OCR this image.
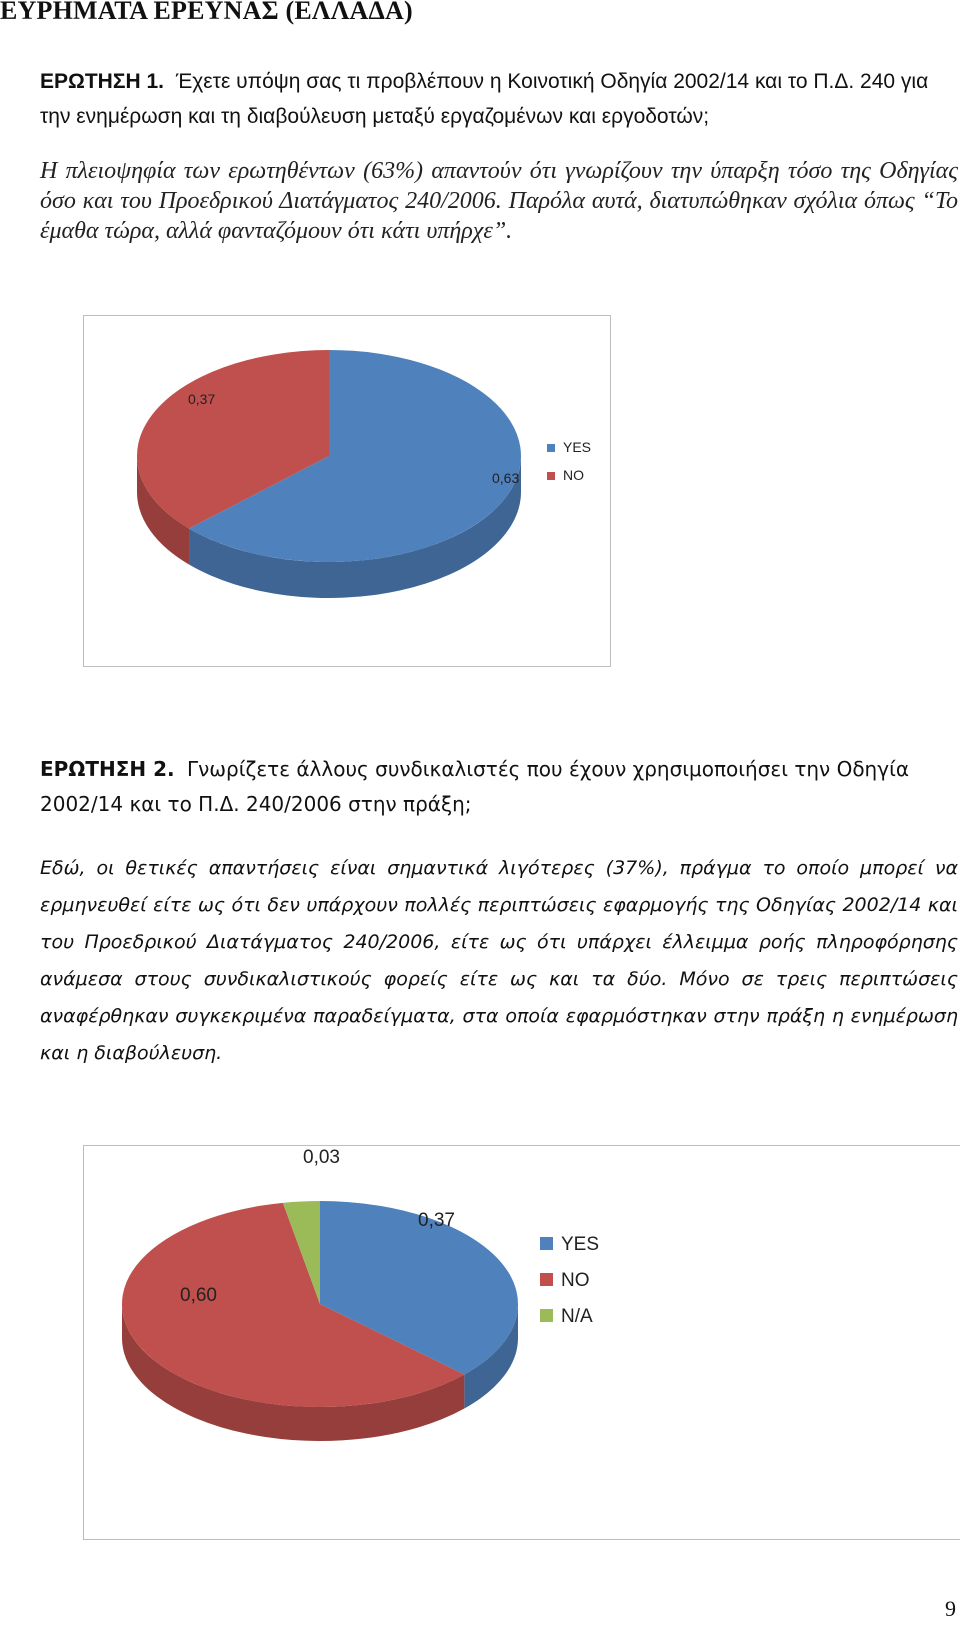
ΕΥΡΗΜΑΤΑ ΕΡΕΥΝΑΣ (ΕΛΛΑΔΑ)
ΕΡΩΤΗΣΗ 1. Έχετε υπόψη σας τι προβλέπουν η Κοινοτική Οδηγία 2002/14 και το Π.Δ. 240 για την ενημέρωση και τη διαβούλευση μεταξύ εργαζομένων και εργοδοτών;
Η πλειοψηφία των ερωτηθέντων (63%) απαντούν ότι γνωρίζουν την ύπαρξη τόσο της Οδηγίας όσο και του Προεδρικού Διατάγματος 240/2006. Παρόλα αυτά, διατυπώθηκαν σχόλια όπως “Το έμαθα τώρα, αλλά φανταζόμουν ότι κάτι υπήρχε”.
0,63
0,37
YES
NO
ΕΡΩΤΗΣΗ 2. Γνωρίζετε άλλους συνδικαλιστές που έχουν χρησιμοποιήσει την Οδηγία 2002/14 και το Π.Δ. 240/2006 στην πράξη;
Εδώ, οι θετικές απαντήσεις είναι σημαντικά λιγότερες (37%), πράγμα το οποίο μπορεί να ερμηνευθεί είτε ως ότι δεν υπάρχουν πολλές περιπτώσεις εφαρμογής της Οδηγίας 2002/14 και του Προεδρικού Διατάγματος 240/2006, είτε ως ότι υπάρχει έλλειμμα ροής πληροφόρησης ανάμεσα στους συνδικαλιστικούς φορείς είτε ως και τα δύο. Μόνο σε τρεις περιπτώσεις αναφέρθηκαν συγκεκριμένα παραδείγματα, στα οποία εφαρμόστηκαν στην πράξη η ενημέρωση και η διαβούλευση.
0,37
0,60
0,03
YES
NO
N/A
9
